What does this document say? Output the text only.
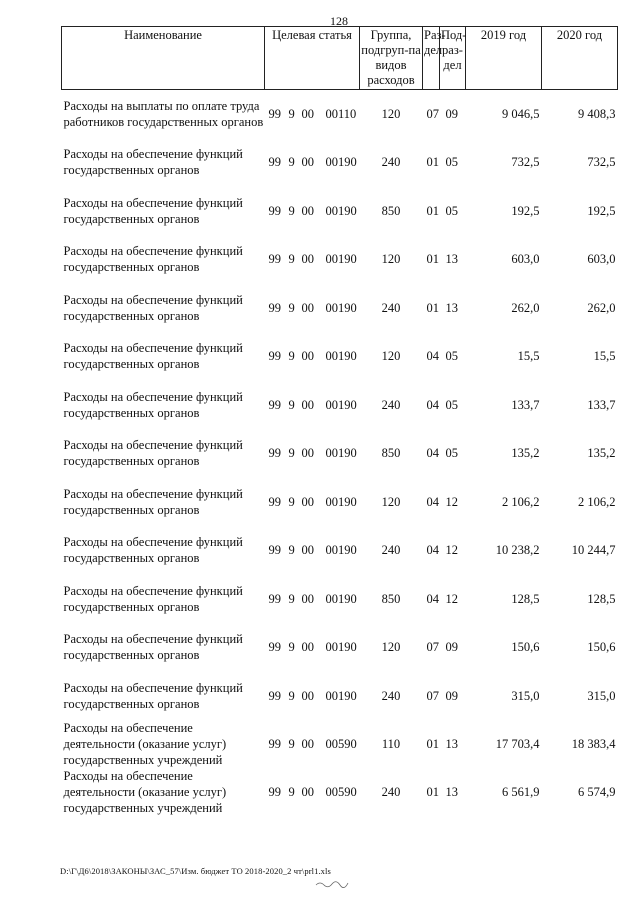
128
Наименование	Целевая статья	Группа, подгруп-па видов расходов	Раз-дел	Под-раз-дел	2019 год	2020 год
Расходы на выплаты по оплате труда работников государственных органов	99 9 00 00110	120	07	09	9 046,5	9 408,3
Расходы на обеспечение функций государственных органов	99 9 00 00190	240	01	05	732,5	732,5
Расходы на обеспечение функций государственных органов	99 9 00 00190	850	01	05	192,5	192,5
Расходы на обеспечение функций государственных органов	99 9 00 00190	120	01	13	603,0	603,0
Расходы на обеспечение функций государственных органов	99 9 00 00190	240	01	13	262,0	262,0
Расходы на обеспечение функций государственных органов	99 9 00 00190	120	04	05	15,5	15,5
Расходы на обеспечение функций государственных органов	99 9 00 00190	240	04	05	133,7	133,7
Расходы на обеспечение функций государственных органов	99 9 00 00190	850	04	05	135,2	135,2
Расходы на обеспечение функций государственных органов	99 9 00 00190	120	04	12	2 106,2	2 106,2
Расходы на обеспечение функций государственных органов	99 9 00 00190	240	04	12	10 238,2	10 244,7
Расходы на обеспечение функций государственных органов	99 9 00 00190	850	04	12	128,5	128,5
Расходы на обеспечение функций государственных органов	99 9 00 00190	120	07	09	150,6	150,6
Расходы на обеспечение функций государственных органов	99 9 00 00190	240	07	09	315,0	315,0
Расходы на обеспечение деятельности (оказание услуг) государственных учреждений	99 9 00 00590	110	01	13	17 703,4	18 383,4
Расходы на обеспечение деятельности (оказание услуг) государственных учреждений	99 9 00 00590	240	01	13	6 561,9	6 574,9
D:\Г\Д6\2018\ЗАКОНЫ\ЗАС_57\Изм. бюджет ТО 2018-2020_2 чт\prl1.xls
